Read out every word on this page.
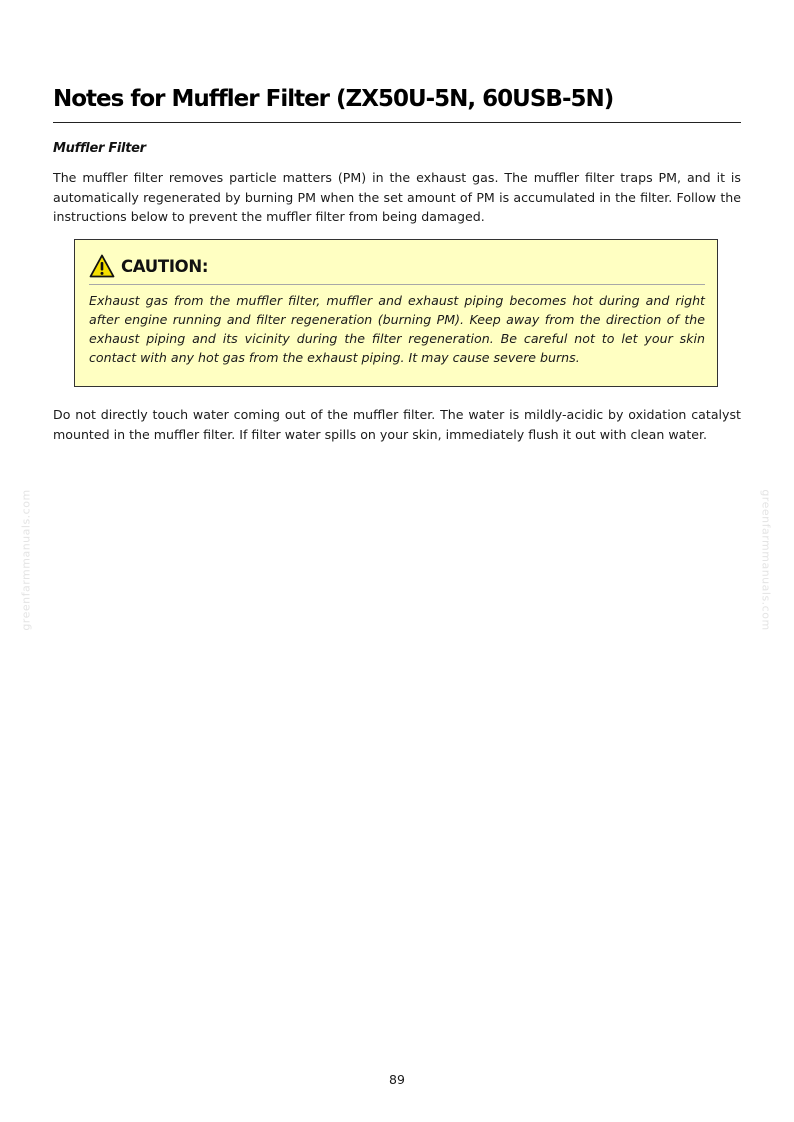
Notes for Muffler Filter (ZX50U-5N, 60USB-5N)
Muffler Filter

The muffler filter removes particle matters (PM) in the exhaust gas. The muffler filter traps PM, and it is automatically regenerated by burning PM when the set amount of PM is accumulated in the filter. Follow the instructions below to prevent the muffler filter from being damaged.

CAUTION:

Exhaust gas from the muffler filter, muffler and exhaust piping becomes hot during and right after engine running and filter regeneration (burning PM). Keep away from the direction of the exhaust piping and its vicinity during the filter regeneration. Be careful not to let your skin contact with any hot gas from the exhaust piping. It may cause severe burns.

Do not directly touch water coming out of the muffler filter. The water is mildly-acidic by oxidation catalyst mounted in the muffler filter. If filter water spills on your skin, immediately flush it out with clean water.

greenfarmmanuals.com	greenfarmmanuals.com
89
